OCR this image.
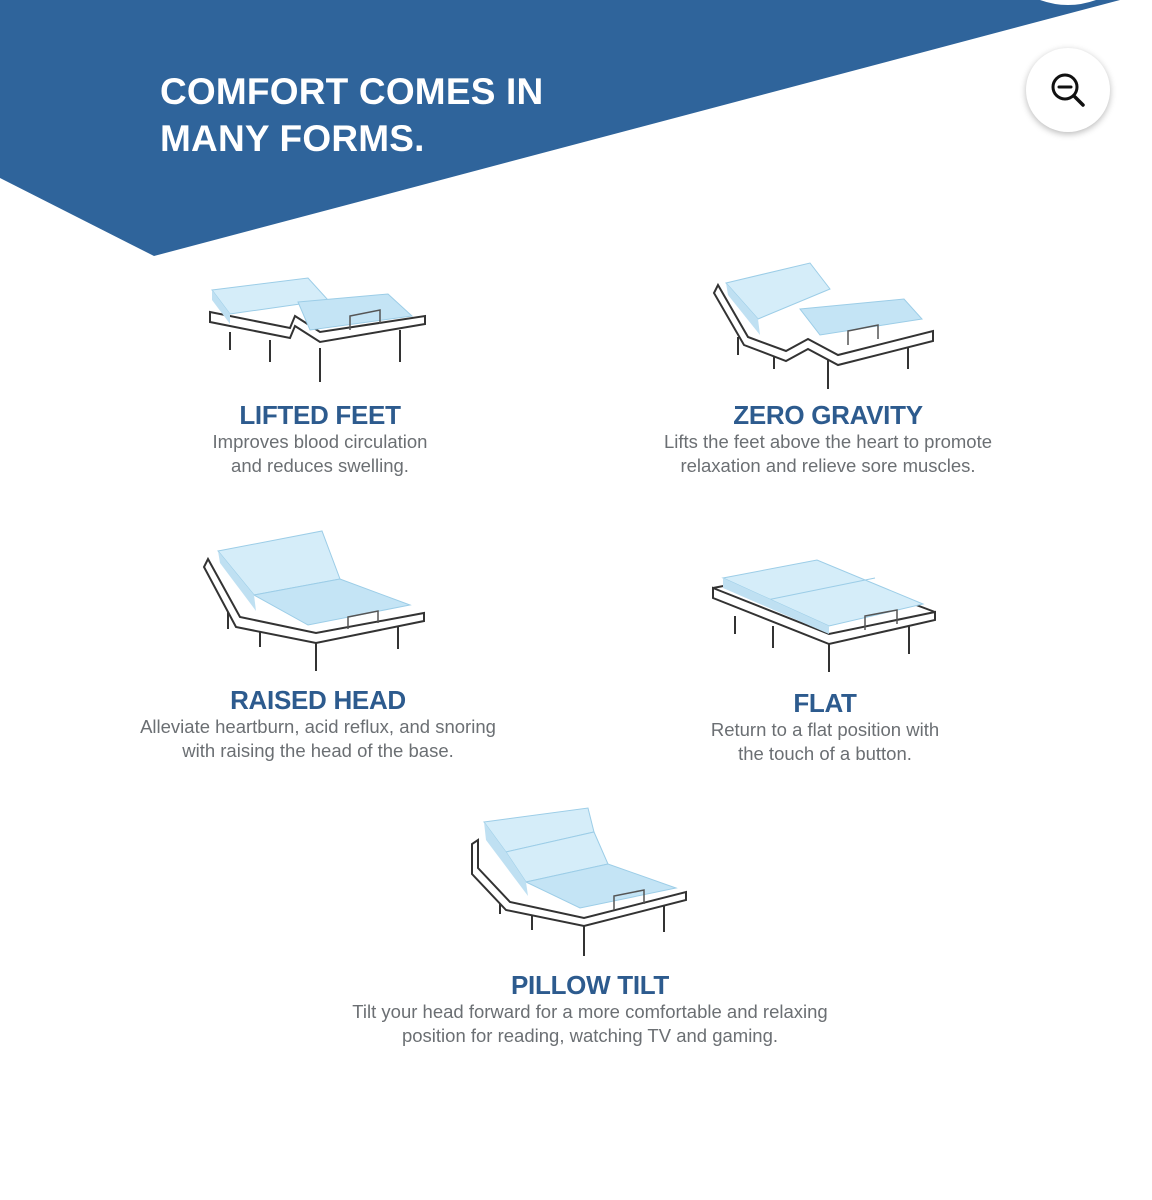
COMFORT COMES IN
MANY FORMS.
LIFTED FEET
Improves blood circulation
and reduces swelling.
ZERO GRAVITY
Lifts the feet above the heart to promote
relaxation and relieve sore muscles.
RAISED HEAD
Alleviate heartburn, acid reflux, and snoring
with raising the head of the base.
FLAT
Return to a flat position with
the touch of a button.
PILLOW TILT
Tilt your head forward for a more comfortable and relaxing
position for reading, watching TV and gaming.
